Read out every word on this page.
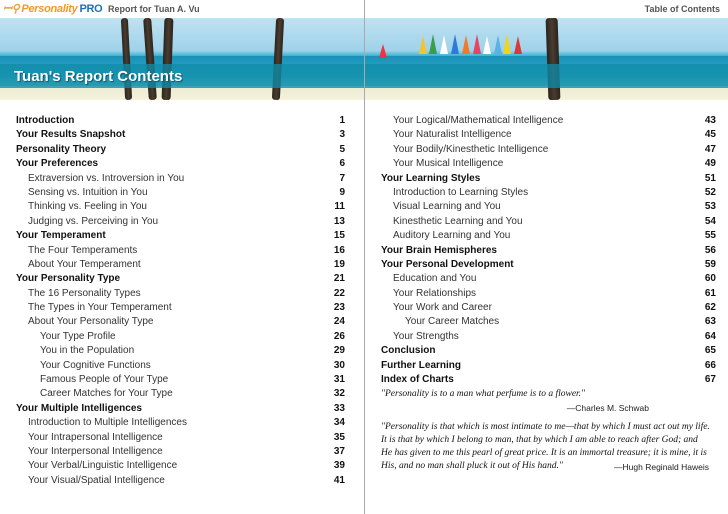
ꟷ⚲ Personality PRO Report for Tuan A. Vu
Tuan's Report Contents
Introduction	1
Your Results Snapshot	3
Personality Theory	5
Your Preferences	6
Extraversion vs. Introversion in You	7
Sensing vs. Intuition in You	9
Thinking vs. Feeling in You	11
Judging vs. Perceiving in You	13
Your Temperament	15
The Four Temperaments	16
About Your Temperament	19
Your Personality Type	21
The 16 Personality Types	22
The Types in Your Temperament	23
About Your Personality Type	24
Your Type Profile	26
You in the Population	29
Your Cognitive Functions	30
Famous People of Your Type	31
Career Matches for Your Type	32
Your Multiple Intelligences	33
Introduction to Multiple Intelligences	34
Your Intrapersonal Intelligence	35
Your Interpersonal Intelligence	37
Your Verbal/Linguistic Intelligence	39
Your Visual/Spatial Intelligence	41
Table of Contents
Your Logical/Mathematical Intelligence	43
Your Naturalist Intelligence	45
Your Bodily/Kinesthetic Intelligence	47
Your Musical Intelligence	49
Your Learning Styles	51
Introduction to Learning Styles	52
Visual Learning and You	53
Kinesthetic Learning and You	54
Auditory Learning and You	55
Your Brain Hemispheres	56
Your Personal Development	59
Education and You	60
Your Relationships	61
Your Work and Career	62
Your Career Matches	63
Your Strengths	64
Conclusion	65
Further Learning	66
Index of Charts	67

"Personality is to a man what perfume is to a flower."

—Charles M. Schwab

"Personality is that which is most intimate to me—that by which I must act out my life. It is that by which I belong to man, that by which I am able to reach after God; and He has given to me this pearl of great price. It is an immortal treasure; it is mine, it is His, and no man shall pluck it out of His hand."	—Hugh Reginald Haweis
